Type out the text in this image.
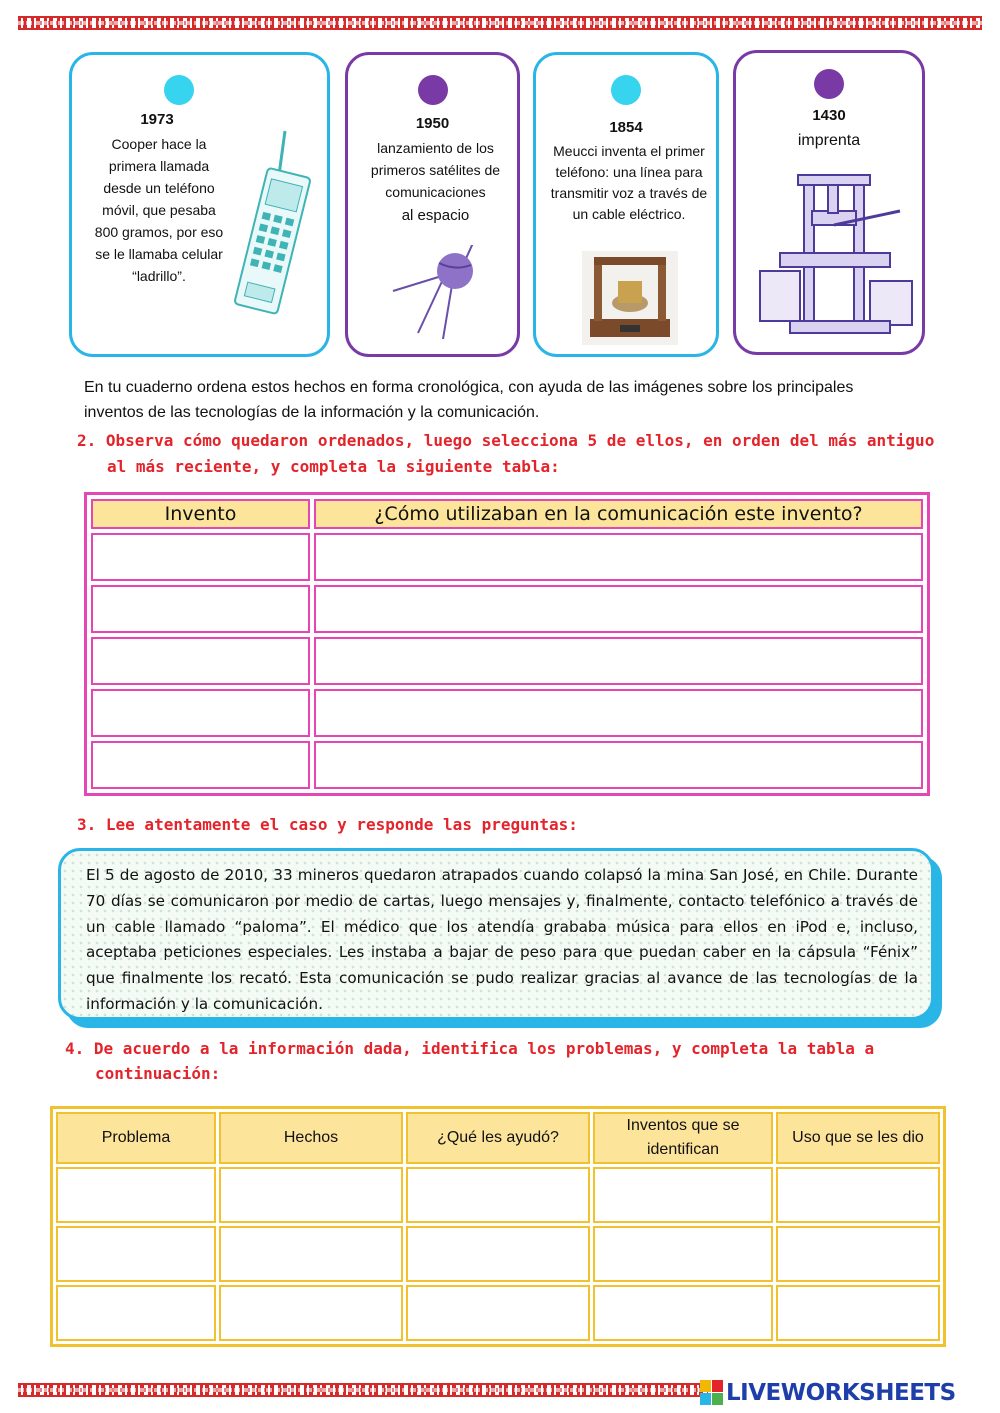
1973
Cooper hace la primera llamada desde un teléfono móvil, que pesaba 800 gramos, por eso se le llamaba celular “ladrillo”.
1950
lanzamiento de los primeros satélites de comunicaciones
al espacio
1854
Meucci inventa el primer teléfono: una línea para transmitir voz a través de un cable eléctrico.
1430
imprenta
En tu cuaderno ordena estos hechos en forma cronológica, con ayuda de las imágenes sobre los principales inventos de las tecnologías de la información y la comunicación.
2. Observa cómo quedaron ordenados, luego selecciona 5 de ellos, en orden del más antiguo
al más reciente, y completa la siguiente tabla:
Invento	¿Cómo utilizaban en la comunicación este invento?

3. Lee atentamente el caso y responde las preguntas:

El 5 de agosto de 2010, 33 mineros quedaron atrapados cuando colapsó la mina San José, en Chile. Durante 70 días se comunicaron por medio de cartas, luego mensajes y, finalmente, contacto telefónico a través de un cable llamado “paloma”. El médico que los atendía grababa música para ellos en iPod e, incluso, aceptaba peticiones especiales. Les instaba a bajar de peso para que puedan caber en la cápsula “Fénix” que finalmente los recató. Esta comunicación se pudo realizar gracias al avance de las tecnologías de la información y la comunicación.

4. De acuerdo a la información dada, identifica los problemas, y completa la tabla a
continuación:
Problema	Hechos	¿Qué les ayudó?	Inventos que se identifican	Uso que se les dio

LIVEWORKSHEETS
